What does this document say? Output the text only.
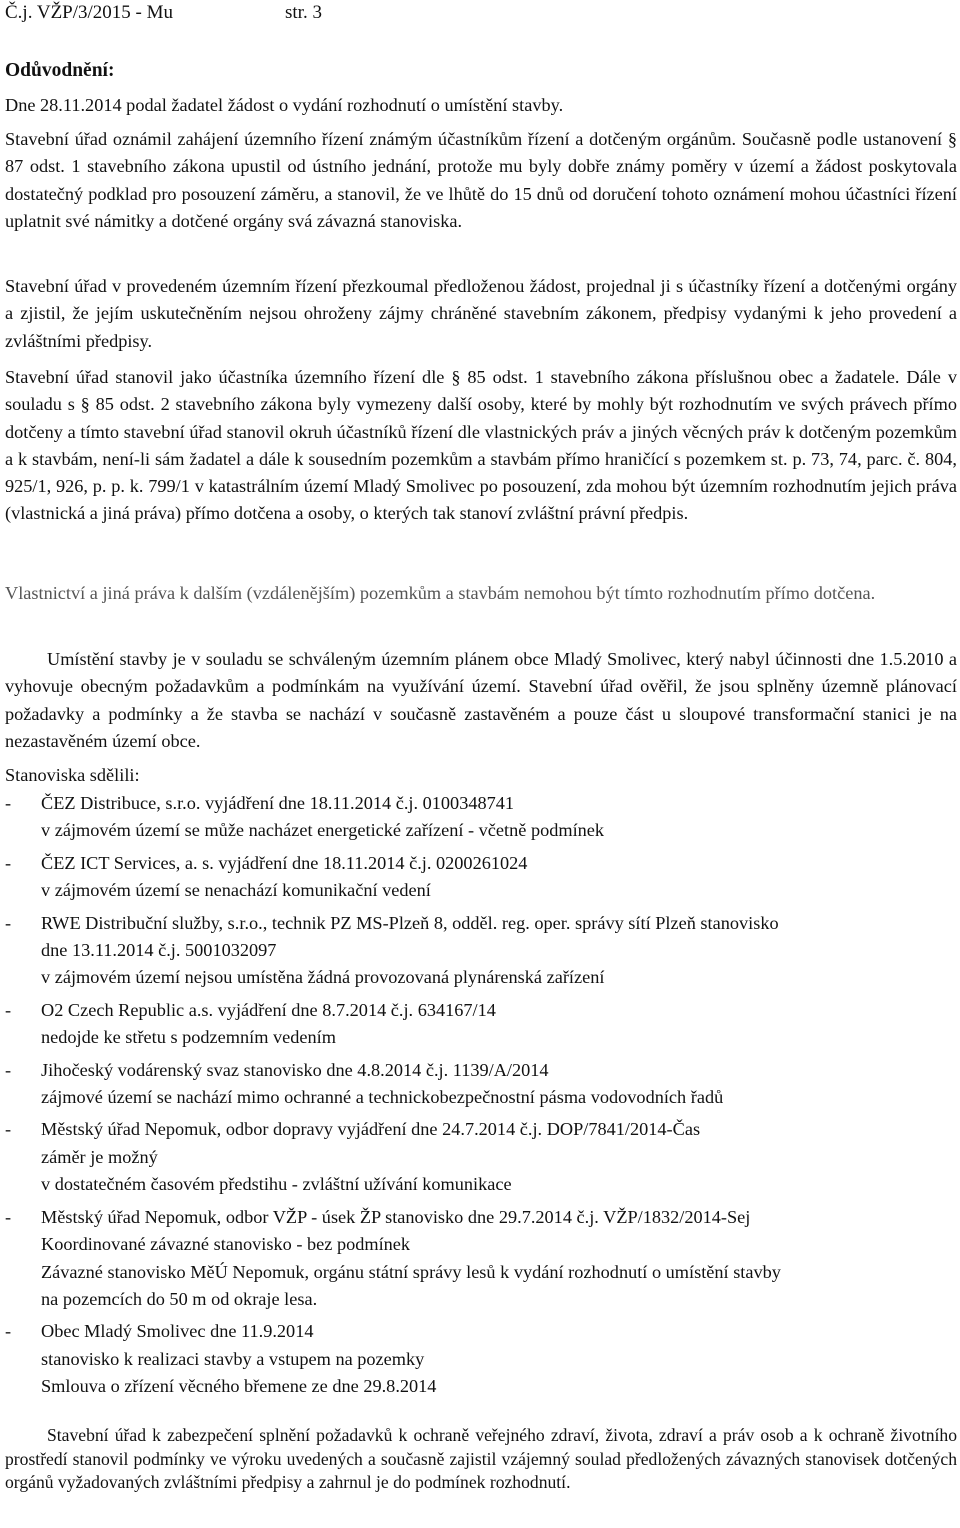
Č.j. VŽP/3/2015 - Mu	str. 3
Odůvodnění:

Dne 28.11.2014 podal žadatel žádost o vydání rozhodnutí o umístění stavby.

Stavební úřad oznámil zahájení územního řízení známým účastníkům řízení a dotčeným orgánům. Současně podle ustanovení § 87 odst. 1 stavebního zákona upustil od ústního jednání, protože mu byly dobře známy poměry v území a žádost poskytovala dostatečný podklad pro posouzení záměru, a stanovil, že ve lhůtě do 15 dnů od doručení tohoto oznámení mohou účastníci řízení uplatnit své námitky a dotčené orgány svá závazná stanoviska.

Stavební úřad v provedeném územním řízení přezkoumal předloženou žádost, projednal ji s účastníky řízení a dotčenými orgány a zjistil, že jejím uskutečněním nejsou ohroženy zájmy chráněné stavebním zákonem, předpisy vydanými k jeho provedení a zvláštními předpisy.

Stavební úřad stanovil jako účastníka územního řízení dle § 85 odst. 1 stavebního zákona příslušnou obec a žadatele. Dále v souladu s § 85 odst. 2 stavebního zákona byly vymezeny další osoby, které by mohly být rozhodnutím ve svých právech přímo dotčeny a tímto stavební úřad stanovil okruh účastníků řízení dle vlastnických práv a jiných věcných práv k dotčeným pozemkům a k stavbám, není-li sám žadatel a dále k sousedním pozemkům a stavbám přímo hraničící s pozemkem st. p. 73, 74, parc. č. 804, 925/1, 926, p. p. k. 799/1 v katastrálním území Mladý Smolivec po posouzení, zda mohou být územním rozhodnutím jejich práva (vlastnická a jiná práva) přímo dotčena a osoby, o kterých tak stanoví zvláštní právní předpis.

Vlastnictví a jiná práva k dalším (vzdálenějším) pozemkům a stavbám nemohou být tímto rozhodnutím přímo dotčena.

Umístění stavby je v souladu se schváleným územním plánem obce Mladý Smolivec, který nabyl účinnosti dne 1.5.2010 a vyhovuje obecným požadavkům a podmínkám na využívání území. Stavební úřad ověřil, že jsou splněny územně plánovací požadavky a podmínky a že stavba se nachází v současně zastavěném a pouze část u sloupové transformační stanici je na nezastavěném území obce.

Stanoviska sdělili:

- ČEZ Distribuce, s.r.o. vyjádření dne 18.11.2014 č.j. 0100348741
v zájmovém území se může nacházet energetické zařízení - včetně podmínek
- ČEZ ICT Services, a. s. vyjádření dne 18.11.2014 č.j. 0200261024
v zájmovém území se nenachází komunikační vedení
- RWE Distribuční služby, s.r.o., technik PZ MS-Plzeň 8, odděl. reg. oper. správy sítí Plzeň stanovisko
dne 13.11.2014 č.j. 5001032097
v zájmovém území nejsou umístěna žádná provozovaná plynárenská zařízení
- O2 Czech Republic a.s. vyjádření dne 8.7.2014 č.j. 634167/14
nedojde ke střetu s podzemním vedením
- Jihočeský vodárenský svaz stanovisko dne 4.8.2014 č.j. 1139/A/2014
zájmové území se nachází mimo ochranné a technickobezpečnostní pásma vodovodních řadů
- Městský úřad Nepomuk, odbor dopravy vyjádření dne 24.7.2014 č.j. DOP/7841/2014-Čas
záměr je možný
v dostatečném časovém předstihu - zvláštní užívání komunikace
- Městský úřad Nepomuk, odbor VŽP - úsek ŽP stanovisko dne 29.7.2014 č.j. VŽP/1832/2014-Sej
Koordinované závazné stanovisko - bez podmínek
Závazné stanovisko MěÚ Nepomuk, orgánu státní správy lesů k vydání rozhodnutí o umístění stavby
na pozemcích do 50 m od okraje lesa.
- Obec Mladý Smolivec dne 11.9.2014
stanovisko k realizaci stavby a vstupem na pozemky
Smlouva o zřízení věcného břemene ze dne 29.8.2014

Stavební úřad k zabezpečení splnění požadavků k ochraně veřejného zdraví, života, zdraví a práv osob a k ochraně životního prostředí stanovil podmínky ve výroku uvedených a současně zajistil vzájemný soulad předložených závazných stanovisek dotčených orgánů vyžadovaných zvláštními předpisy a zahrnul je do podmínek rozhodnutí.
